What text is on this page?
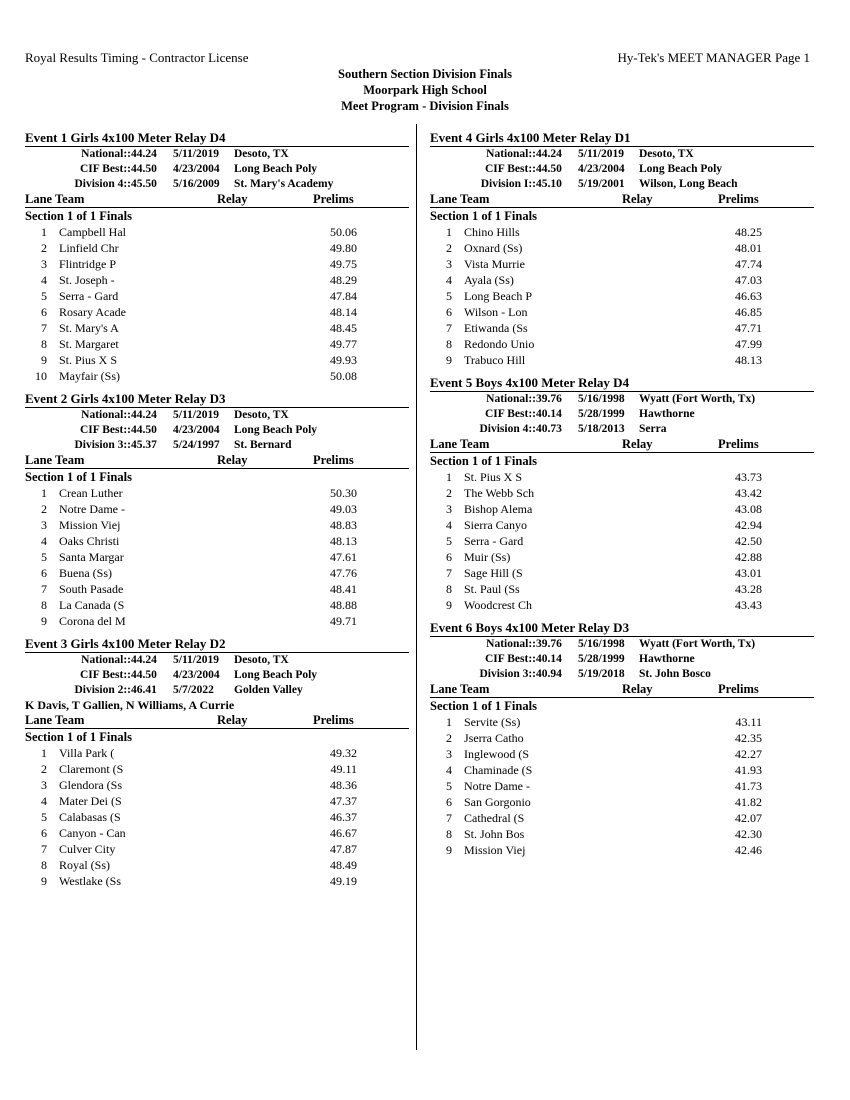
Royal Results Timing - Contractor License	Hy-Tek's MEET MANAGER Page 1
Southern Section Division Finals
Moorpark High School
Meet Program - Division Finals
Event 1 Girls 4x100 Meter Relay D4
National:: 44.24 5/11/2019 Desoto, TX
CIF Best:: 44.50 4/23/2004 Long Beach Poly
Division 4:: 45.50 5/16/2009 St. Mary's Academy
Lane Team	Relay	Prelims
Section 1 of 1 Finals
1 Campbell Hal	50.06
2 Linfield Chr	49.80
3 Flintridge P	49.75
4 St. Joseph -	48.29
5 Serra - Gard	47.84
6 Rosary Acade	48.14
7 St. Mary's A	48.45
8 St. Margaret	49.77
9 St. Pius X S	49.93
10 Mayfair (Ss)	50.08
Event 2 Girls 4x100 Meter Relay D3
National:: 44.24 5/11/2019 Desoto, TX
CIF Best:: 44.50 4/23/2004 Long Beach Poly
Division 3:: 45.37 5/24/1997 St. Bernard
Lane Team	Relay	Prelims
Section 1 of 1 Finals
1 Crean Luther	50.30
2 Notre Dame -	49.03
3 Mission Viej	48.83
4 Oaks Christi	48.13
5 Santa Margar	47.61
6 Buena (Ss)	47.76
7 South Pasade	48.41
8 La Canada (S	48.88
9 Corona del M	49.71
Event 3 Girls 4x100 Meter Relay D2
National:: 44.24 5/11/2019 Desoto, TX
CIF Best:: 44.50 4/23/2004 Long Beach Poly
Division 2:: 46.41 5/7/2022 Golden Valley
K Davis, T Gallien, N Williams, A Currie
Lane Team	Relay	Prelims
Section 1 of 1 Finals
1 Villa Park (	49.32
2 Claremont (S	49.11
3 Glendora (Ss	48.36
4 Mater Dei (S	47.37
5 Calabasas (S	46.37
6 Canyon - Can	46.67
7 Culver City	47.87
8 Royal (Ss)	48.49
9 Westlake (Ss	49.19
Event 4 Girls 4x100 Meter Relay D1
National:: 44.24 5/11/2019 Desoto, TX
CIF Best:: 44.50 4/23/2004 Long Beach Poly
Division I:: 45.10 5/19/2001 Wilson, Long Beach
Lane Team	Relay	Prelims
Section 1 of 1 Finals
1 Chino Hills	48.25
2 Oxnard (Ss)	48.01
3 Vista Murrie	47.74
4 Ayala (Ss)	47.03
5 Long Beach P	46.63
6 Wilson - Lon	46.85
7 Etiwanda (Ss	47.71
8 Redondo Unio	47.99
9 Trabuco Hill	48.13
Event 5 Boys 4x100 Meter Relay D4
National:: 39.76 5/16/1998 Wyatt (Fort Worth, Tx)
CIF Best:: 40.14 5/28/1999 Hawthorne
Division 4:: 40.73 5/18/2013 Serra
Lane Team	Relay	Prelims
Section 1 of 1 Finals
1 St. Pius X S	43.73
2 The Webb Sch	43.42
3 Bishop Alema	43.08
4 Sierra Canyo	42.94
5 Serra - Gard	42.50
6 Muir (Ss)	42.88
7 Sage Hill (S	43.01
8 St. Paul (Ss	43.28
9 Woodcrest Ch	43.43
Event 6 Boys 4x100 Meter Relay D3
National:: 39.76 5/16/1998 Wyatt (Fort Worth, Tx)
CIF Best:: 40.14 5/28/1999 Hawthorne
Division 3:: 40.94 5/19/2018 St. John Bosco
Lane Team	Relay	Prelims
Section 1 of 1 Finals
1 Servite (Ss)	43.11
2 Jserra Catho	42.35
3 Inglewood (S	42.27
4 Chaminade (S	41.93
5 Notre Dame -	41.73
6 San Gorgonio	41.82
7 Cathedral (S	42.07
8 St. John Bos	42.30
9 Mission Viej	42.46
